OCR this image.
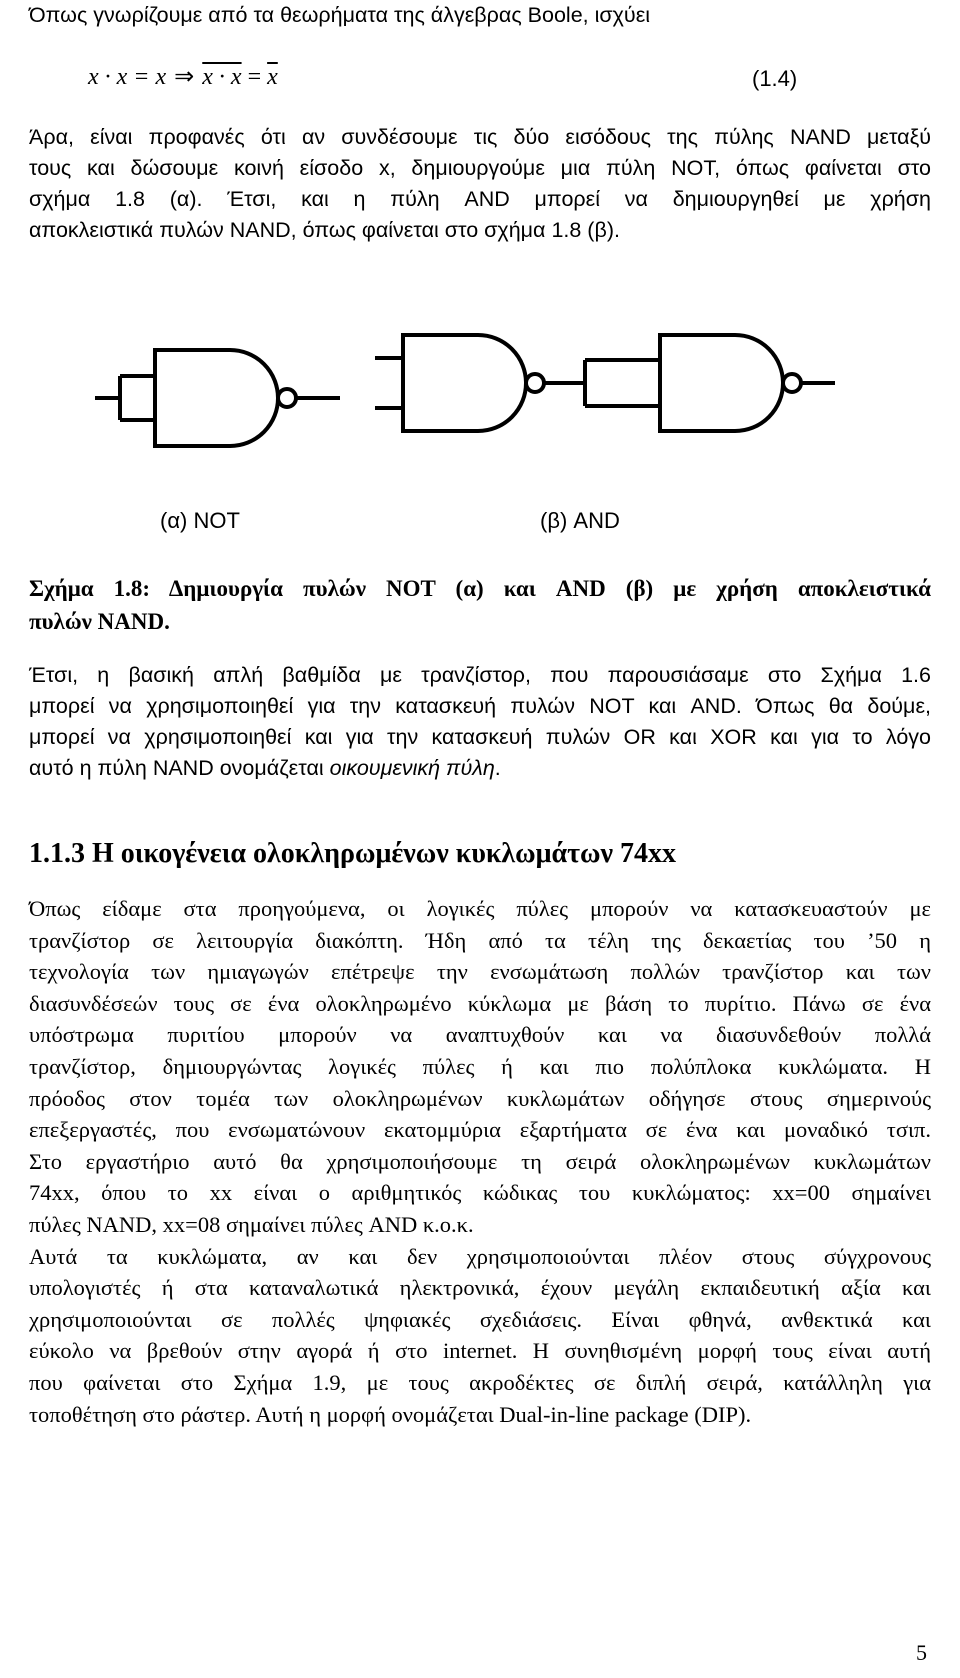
Όπως γνωρίζουμε από τα θεωρήματα της άλγεβρας Boole, ισχύει
x · x = x ⇒ $x \cdot x = \overline{x}$	(1.4)
Άρα, είναι προφανές ότι αν συνδέσουμε τις δύο εισόδους της πύλης NAND μεταξύ
τους και δώσουμε κοινή είσοδο x, δημιουργούμε μια πύλη NOT, όπως φαίνεται στο
σχήμα 1.8 (α). Έτσι, και η πύλη AND μπορεί να δημιουργηθεί με χρήση
αποκλειστικά πυλών NAND, όπως φαίνεται στο σχήμα 1.8 (β).
(α) NOT	(β) AND
Σχήμα 1.8: Δημιουργία πυλών NOT (α) και AND (β) με χρήση αποκλειστικά
πυλών NAND.
Έτσι, η βασική απλή βαθμίδα με τρανζίστορ, που παρουσιάσαμε στο Σχήμα 1.6
μπορεί να χρησιμοποιηθεί για την κατασκευή πυλών NOT και AND. Όπως θα δούμε,
μπορεί να χρησιμοποιηθεί και για την κατασκευή πυλών OR και XOR και για το λόγο
αυτό η πύλη NAND ονομάζεται οικουμενική πύλη.
1.1.3 Η οικογένεια ολοκληρωμένων κυκλωμάτων 74xx
Όπως είδαμε στα προηγούμενα, οι λογικές πύλες μπορούν να κατασκευαστούν με
τρανζίστορ σε λειτουργία διακόπτη. Ήδη από τα τέλη της δεκαετίας του ’50 η
τεχνολογία των ημιαγωγών επέτρεψε την ενσωμάτωση πολλών τρανζίστορ και των
διασυνδέσεών τους σε ένα ολοκληρωμένο κύκλωμα με βάση το πυρίτιο. Πάνω σε ένα
υπόστρωμα πυριτίου μπορούν να αναπτυχθούν και να διασυνδεθούν πολλά
τρανζίστορ, δημιουργώντας λογικές πύλες ή και πιο πολύπλοκα κυκλώματα. Η
πρόοδος στον τομέα των ολοκληρωμένων κυκλωμάτων οδήγησε στους σημερινούς
επεξεργαστές, που ενσωματώνουν εκατομμύρια εξαρτήματα σε ένα και μοναδικό τσιπ.
Στο εργαστήριο αυτό θα χρησιμοποιήσουμε τη σειρά ολοκληρωμένων κυκλωμάτων
74xx, όπου το xx είναι ο αριθμητικός κώδικας του κυκλώματος: xx=00 σημαίνει
πύλες NAND, xx=08 σημαίνει πύλες AND κ.ο.κ.
Αυτά τα κυκλώματα, αν και δεν χρησιμοποιούνται πλέον στους σύγχρονους
υπολογιστές ή στα καταναλωτικά ηλεκτρονικά, έχουν μεγάλη εκπαιδευτική αξία και
χρησιμοποιούνται σε πολλές ψηφιακές σχεδιάσεις. Είναι φθηνά, ανθεκτικά και
εύκολο να βρεθούν στην αγορά ή στο internet. Η συνηθισμένη μορφή τους είναι αυτή
που φαίνεται στο Σχήμα 1.9, με τους ακροδέκτες σε διπλή σειρά, κατάλληλη για
τοποθέτηση στο ράστερ. Αυτή η μορφή ονομάζεται Dual-in-line package (DIP).
5
